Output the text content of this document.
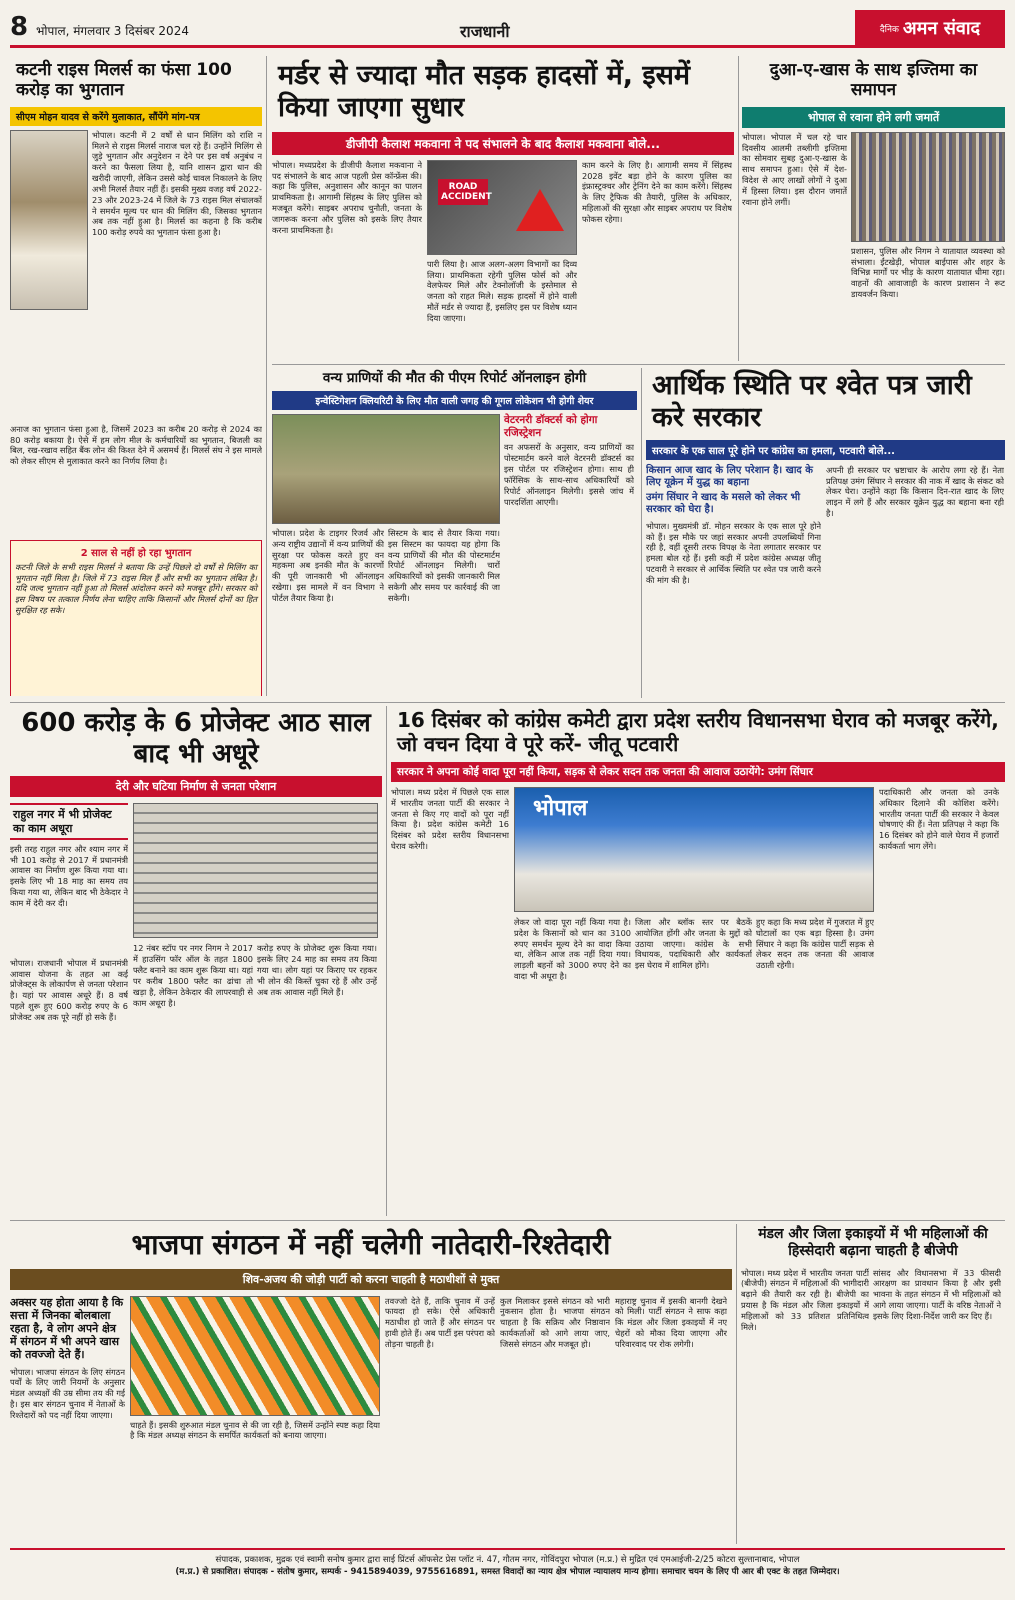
8 भोपाल, मंगलवार 3 दिसंबर 2024	राजधानी	दैनिक अमन संवाद
कटनी राइस मिलर्स का फंसा 100 करोड़ का भुगतान
सीएम मोहन यादव से करेंगे मुलाकात, सौंपेंगे मांग-पत्र
भोपाल। कटनी में 2 वर्षों से धान मिलिंग को राशि न मिलने से राइस मिलर्स नाराज चल रहे हैं। उन्होंने मिलिंग से जुड़े भुगतान और अनुदेशन न देने पर इस वर्ष अनुबंध न करने का फैसला लिया है, यानि शासन द्वारा धान की खरीदी जाएगी, लेकिन उससे कोई चावल निकालने के लिए अभी मिलर्स तैयार नहीं हैं। इसकी मुख्य वजह वर्ष 2022-23 और 2023-24 में जिले के 73 राइस मिल संचालकों ने समर्थन मूल्य पर धान की मिलिंग की, जिसका भुगतान अब तक नहीं हुआ है। मिलर्स का कहना है कि करीब 100 करोड़ रुपये का भुगतान फंसा हुआ है।
अनाज का भुगतान फंसा हुआ है, जिसमें 2023 का करीब 20 करोड़ से 2024 का 80 करोड़ बकाया है। ऐसे में हम लोग मील के कर्मचारियों का भुगतान, बिजली का बिल, रख-रखाव सहित बैंक लोन की किश्त देने में असमर्थ हैं। मिलर्स संघ ने इस मामले को लेकर सीएम से मुलाकात करने का निर्णय लिया है।
2 साल से नहीं हो रहा भुगतान
कटनी जिले के सभी राइस मिलर्स ने बताया कि उन्हें पिछले दो वर्षों से मिलिंग का भुगतान नहीं मिला है। जिले में 73 राइस मिल हैं और सभी का भुगतान लंबित है। यदि जल्द भुगतान नहीं हुआ तो मिलर्स आंदोलन करने को मजबूर होंगे। सरकार को इस विषय पर तत्काल निर्णय लेना चाहिए ताकि किसानों और मिलर्स दोनों का हित सुरक्षित रह सके।
मर्डर से ज्यादा मौत सड़क हादसों में, इसमें किया जाएगा सुधार
डीजीपी कैलाश मकवाना ने पद संभालने के बाद कैलाश मकवाना बोले...
भोपाल। मध्यप्रदेश के डीजीपी कैलाश मकवाना ने पद संभालने के बाद आज पहली प्रेस कॉन्फ्रेंस की। कहा कि पुलिस, अनुशासन और कानून का पालन प्राथमिकता है। आगामी सिंहस्थ के लिए पुलिस को मजबूत करेंगे। साइबर अपराध चुनौती, जनता के जागरूक करना और पुलिस को इसके लिए तैयार करना प्राथमिकता है।
ROAD ACCIDENT
पारी लिया है। आज अलग-अलग विभागों का दिव्य लिया। प्राथमिकता रहेगी पुलिस फोर्स को और वेलफेयर मिले और टेक्नोलॉजी के इस्तेमाल से जनता को राहत मिले। सड़क हादसों में होने वाली मौतें मर्डर से ज्यादा हैं, इसलिए इस पर विशेष ध्यान दिया जाएगा।
काम करने के लिए है। आगामी समय में सिंहस्थ 2028 इवेंट बड़ा होने के कारण पुलिस का इंफ्रास्ट्रक्चर और ट्रेनिंग देने का काम करेंगे। सिंहस्थ के लिए ट्रैफिक की तैयारी, पुलिस के अधिकार, महिलाओं की सुरक्षा और साइबर अपराध पर विशेष फोकस रहेगा।
दुआ-ए-खास के साथ इज्तिमा का समापन
भोपाल से रवाना होने लगी जमातें
भोपाल। भोपाल में चल रहे चार दिवसीय आलमी तब्लीगी इज्तिमा का सोमवार सुबह दुआ-ए-खास के साथ समापन हुआ। ऐसे में देश-विदेश से आए लाखों लोगों ने दुआ में हिस्सा लिया। इस दौरान जमातें रवाना होने लगीं।
प्रशासन, पुलिस और निगम ने यातायात व्यवस्था को संभाला। ईंटखेड़ी, भोपाल बाईपास और शहर के विभिन्न मार्गों पर भीड़ के कारण यातायात धीमा रहा। वाहनों की आवाजाही के कारण प्रशासन ने रूट डायवर्जन किया।
वन्य प्राणियों की मौत की पीएम रिपोर्ट ऑनलाइन होगी
इन्वेस्टिगेशन क्लियरिटी के लिए मौत वाली जगह की गूगल लोकेशन भी होगी शेयर
वेटरनरी डॉक्टर्स को होगा रजिस्ट्रेशन
वन अफसरों के अनुसार, वन्य प्राणियों का पोस्टमार्टम करने वाले वेटरनरी डॉक्टर्स का इस पोर्टल पर रजिस्ट्रेशन होगा। साथ ही फॉरेंसिक के साथ-साथ अधिकारियों को रिपोर्ट ऑनलाइन मिलेगी। इससे जांच में पारदर्शिता आएगी।
भोपाल। प्रदेश के टाइगर रिजर्व और अन्य राष्ट्रीय उद्यानों में वन्य प्राणियों की सुरक्षा पर फोकस करते हुए वन महकमा अब इनकी मौत के कारणों की पूरी जानकारी भी ऑनलाइन रखेगा। इस मामले में वन विभाग ने पोर्टल तैयार किया है।
सिस्टम के बाद से तैयार किया गया। इस सिस्टम का फायदा यह होगा कि वन्य प्राणियों की मौत की पोस्टमार्टम रिपोर्ट ऑनलाइन मिलेगी। चारों अधिकारियों को इसकी जानकारी मिल सकेगी और समय पर कार्रवाई की जा सकेगी।
आर्थिक स्थिति पर श्वेत पत्र जारी करे सरकार
सरकार के एक साल पूरे होने पर कांग्रेस का हमला, पटवारी बोले...
किसान आज खाद के लिए परेशान है। खाद के लिए यूक्रेन में युद्ध का बहाना
उमंग सिंघार ने खाद के मसले को लेकर भी सरकार को घेरा है।
भोपाल। मुख्यमंत्री डॉ. मोहन सरकार के एक साल पूरे होने को हैं। इस मौके पर जहां सरकार अपनी उपलब्धियों गिना रही है, वहीं दूसरी तरफ विपक्ष के नेता लगातार सरकार पर हमला बोल रहे हैं। इसी कड़ी में प्रदेश कांग्रेस अध्यक्ष जीतू पटवारी ने सरकार से आर्थिक स्थिति पर श्वेत पत्र जारी करने की मांग की है।
अपनी ही सरकार पर भ्रष्टाचार के आरोप लगा रहे हैं। नेता प्रतिपक्ष उमंग सिंघार ने सरकार की नाक में खाद के संकट को लेकर घेरा। उन्होंने कहा कि किसान दिन-रात खाद के लिए लाइन में लगे हैं और सरकार यूक्रेन युद्ध का बहाना बना रही है।
600 करोड़ के 6 प्रोजेक्ट आठ साल बाद भी अधूरे
देरी और घटिया निर्माण से जनता परेशान
राहुल नगर में भी प्रोजेक्ट का काम अधूरा
इसी तरह राहुल नगर और श्याम नगर में भी 101 करोड़ से 2017 में प्रधानमंत्री आवास का निर्माण शुरू किया गया था। इसके लिए भी 18 माह का समय तय किया गया था, लेकिन बाद भी ठेकेदार ने काम में देरी कर दी।
भोपाल। राजधानी भोपाल में प्रधानमंत्री आवास योजना के तहत आ कई प्रोजेक्ट्स के लोकार्पण से जनता परेशान है। यहां पर आवास अधूरे हैं। 8 वर्ष पहले शुरू हुए 600 करोड़ रुपए के 6 प्रोजेक्ट अब तक पूरे नहीं हो सके हैं।
12 नंबर स्टॉप पर नगर निगम ने 2017 में हाउसिंग फॉर ऑल के तहत 1800 फ्लैट बनाने का काम शुरू किया था। यहां पर करीब 1800 फ्लैट का ढांचा तो खड़ा है, लेकिन ठेकेदार की लापरवाही से काम अधूरा है।
करोड़ रुपए के प्रोजेक्ट शुरू किया गया। इसके लिए 24 माह का समय तय किया गया था। लोग यहां पर किराए पर रहकर भी लोन की किस्तें चुका रहे हैं और उन्हें अब तक आवास नहीं मिले हैं।
16 दिसंबर को कांग्रेस कमेटी द्वारा प्रदेश स्तरीय विधानसभा घेराव को मजबूर करेंगे, जो वचन दिया वे पूरे करें- जीतू पटवारी
सरकार ने अपना कोई वादा पूरा नहीं किया, सड़क से लेकर सदन तक जनता की आवाज उठायेंगे: उमंग सिंघार
भोपाल। मध्य प्रदेश में पिछले एक साल में भारतीय जनता पार्टी की सरकार ने जनता से किए गए वादों को पूरा नहीं किया है। प्रदेश कांग्रेस कमेटी 16 दिसंबर को प्रदेश स्तरीय विधानसभा घेराव करेगी।
भोपाल
लेकर जो वादा पूरा नहीं किया गया है। प्रदेश के किसानों को धान का 3100 रुपए समर्थन मूल्य देने का वादा किया था, लेकिन आज तक नहीं दिया गया। लाड़ली बहनों को 3000 रुपए देने का वादा भी अधूरा है।
जिला और ब्लॉक स्तर पर बैठकें आयोजित होंगी और जनता के मुद्दों को उठाया जाएगा। कांग्रेस के सभी विधायक, पदाधिकारी और कार्यकर्ता इस घेराव में शामिल होंगे।
हुए कहा कि मध्य प्रदेश में गुजरात में हुए घोटालों का एक बड़ा हिस्सा है। उमंग सिंघार ने कहा कि कांग्रेस पार्टी सड़क से लेकर सदन तक जनता की आवाज उठाती रहेगी।
पदाधिकारी और जनता को उनके अधिकार दिलाने की कोशिश करेंगे। भारतीय जनता पार्टी की सरकार ने केवल घोषणाएं की हैं। नेता प्रतिपक्ष ने कहा कि 16 दिसंबर को होने वाले घेराव में हजारों कार्यकर्ता भाग लेंगे।
भाजपा संगठन में नहीं चलेगी नातेदारी-रिश्तेदारी
शिव-अजय की जोड़ी पार्टी को करना चाहती है मठाधीशों से मुक्त
अक्सर यह होता आया है कि सत्ता में जिनका बोलबाला रहता है, वे लोग अपने क्षेत्र में संगठन में भी अपने खास को तवज्जो देते हैं।
भोपाल। भाजपा संगठन के लिए संगठन पर्वों के लिए जारी नियमों के अनुसार मंडल अध्यक्षों की उम्र सीमा तय की गई है। इस बार संगठन चुनाव में नेताओं के रिश्तेदारों को पद नहीं दिया जाएगा।
चाहते हैं। इसकी शुरुआत मंडल चुनाव से की जा रही है, जिसमें उन्होंने स्पष्ट कहा दिया है कि मंडल अध्यक्ष संगठन के समर्पित कार्यकर्ता को बनाया जाएगा।
तवज्जो देते हैं, ताकि चुनाव में उन्हें फायदा हो सके। ऐसे अधिकारी मठाधीश हो जाते हैं और संगठन पर हावी होते हैं। अब पार्टी इस परंपरा को तोड़ना चाहती है।
कुल मिलाकर इससे संगठन को भारी नुकसान होता है। भाजपा संगठन चाहता है कि सक्रिय और निष्ठावान कार्यकर्ताओं को आगे लाया जाए, जिससे संगठन और मजबूत हो।
महाराष्ट्र चुनाव में इसकी बानगी देखने को मिली। पार्टी संगठन ने साफ कहा कि मंडल और जिला इकाइयों में नए चेहरों को मौका दिया जाएगा और परिवारवाद पर रोक लगेगी।
मंडल और जिला इकाइयों में भी महिलाओं की हिस्सेदारी बढ़ाना चाहती है बीजेपी
भोपाल। मध्य प्रदेश में भारतीय जनता पार्टी (बीजेपी) संगठन में महिलाओं की भागीदारी बढ़ाने की तैयारी कर रही है। बीजेपी का प्रयास है कि मंडल और जिला इकाइयों में महिलाओं को 33 प्रतिशत प्रतिनिधित्व मिले।
सांसद और विधानसभा में 33 फीसदी आरक्षण का प्रावधान किया है और इसी भावना के तहत संगठन में भी महिलाओं को आगे लाया जाएगा। पार्टी के वरिष्ठ नेताओं ने इसके लिए दिशा-निर्देश जारी कर दिए हैं।
संपादक, प्रकाशक, मुद्रक एवं स्वामी सनोष कुमार द्वारा साई प्रिंटर्स ऑफसेट प्रेस प्लॉट नं. 47, गौतम नगर, गोविंदपुरा भोपाल (म.प्र.) से मुद्रित एवं एमआईजी-2/25 कोटरा सुल्तानाबाद, भोपाल
(म.प्र.) से प्रकाशित। संपादक - संतोष कुमार, सम्पर्क - 9415894039, 9755616891, समस्त विवादों का न्याय क्षेत्र भोपाल न्यायालय मान्य होगा। समाचार चयन के लिए पी आर बी एक्ट के तहत जिम्मेदार।
